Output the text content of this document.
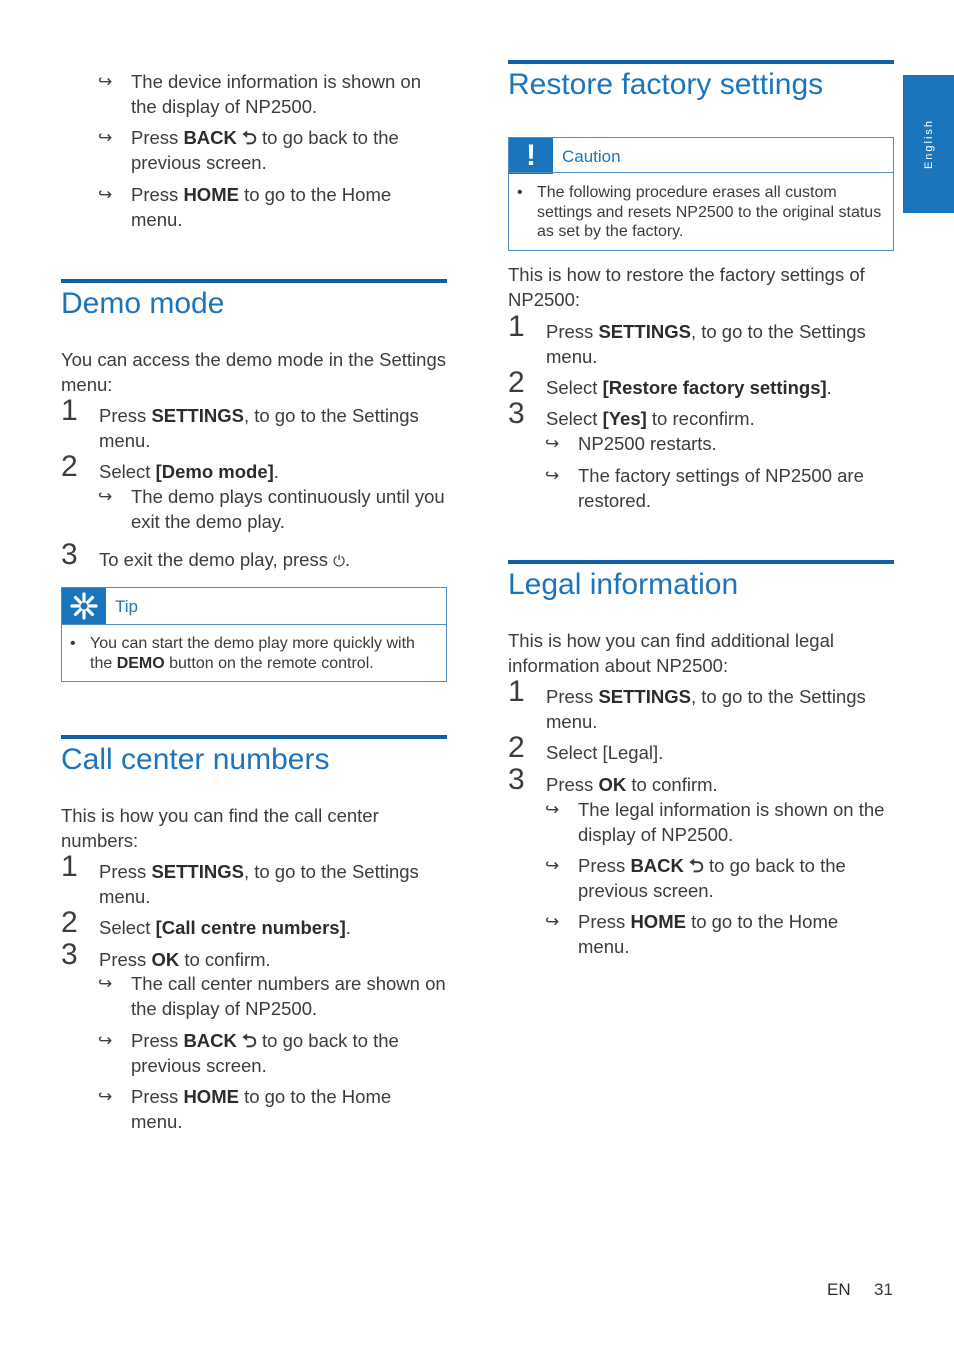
English
↪ The device information is shown on the display of NP2500.
↪ Press BACK ⮌ to go back to the previous screen.
↪ Press HOME to go to the Home menu.
Demo mode
You can access the demo mode in the Settings menu:
1 Press SETTINGS, to go to the Settings menu.
2 Select [Demo mode].
↪ The demo plays continuously until you exit the demo play.
3 To exit the demo play, press ⏻.
Tip
• You can start the demo play more quickly with the DEMO button on the remote control.
Call center numbers
This is how you can find the call center numbers:
1 Press SETTINGS, to go to the Settings menu.
2 Select [Call centre numbers].
3 Press OK to confirm.
↪ The call center numbers are shown on the display of NP2500.
↪ Press BACK ⮌ to go back to the previous screen.
↪ Press HOME to go to the Home menu.
Restore factory settings
!	Caution
• The following procedure erases all custom settings and resets NP2500 to the original status as set by the factory.
This is how to restore the factory settings of NP2500:
1 Press SETTINGS, to go to the Settings menu.
2 Select [Restore factory settings].
3 Select [Yes] to reconfirm.
↪ NP2500 restarts.
↪ The factory settings of NP2500 are restored.
Legal information
This is how you can find additional legal information about NP2500:
1 Press SETTINGS, to go to the Settings menu.
2 Select [Legal].
3 Press OK to confirm.
↪ The legal information is shown on the display of NP2500.
↪ Press BACK ⮌ to go back to the previous screen.
↪ Press HOME to go to the Home menu.
EN 31
